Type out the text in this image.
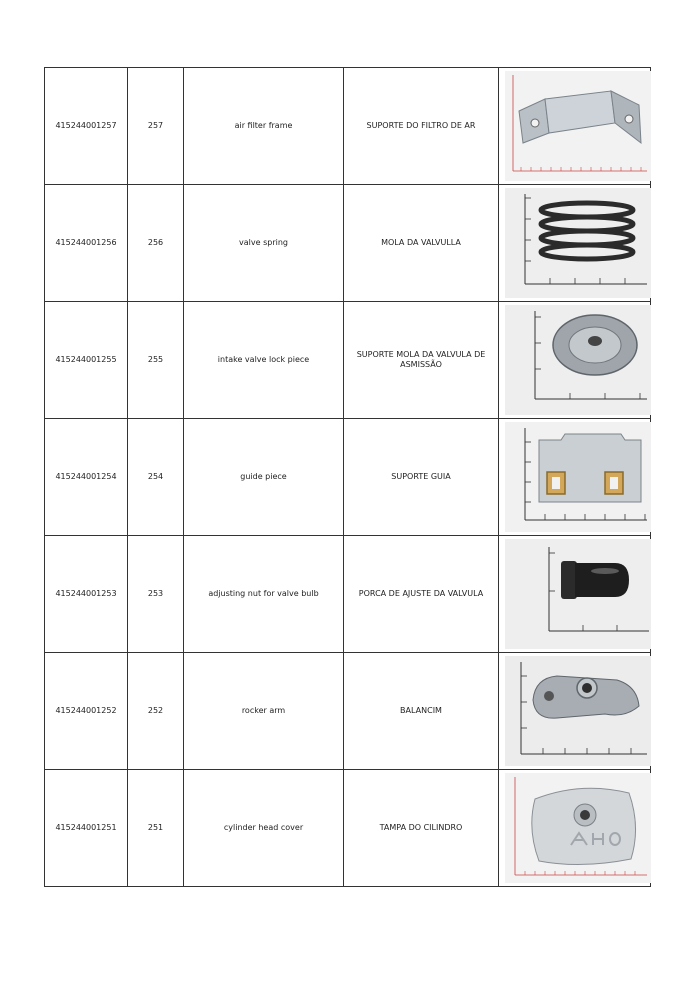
415244001257	257	air filter frame	SUPORTE DO FILTRO DE AR	

415244001256	256	valve spring	MOLA DA VALVULLA	

415244001255	255	intake valve lock piece	SUPORTE MOLA DA VALVULA DE ASMISSÃO	

415244001254	254	guide piece	SUPORTE GUIA	

415244001253	253	adjusting nut for valve bulb	PORCA DE AJUSTE DA VALVULA	

415244001252	252	rocker arm	BALANCIM	

415244001251	251	cylinder head cover	TAMPA DO CILINDRO	
